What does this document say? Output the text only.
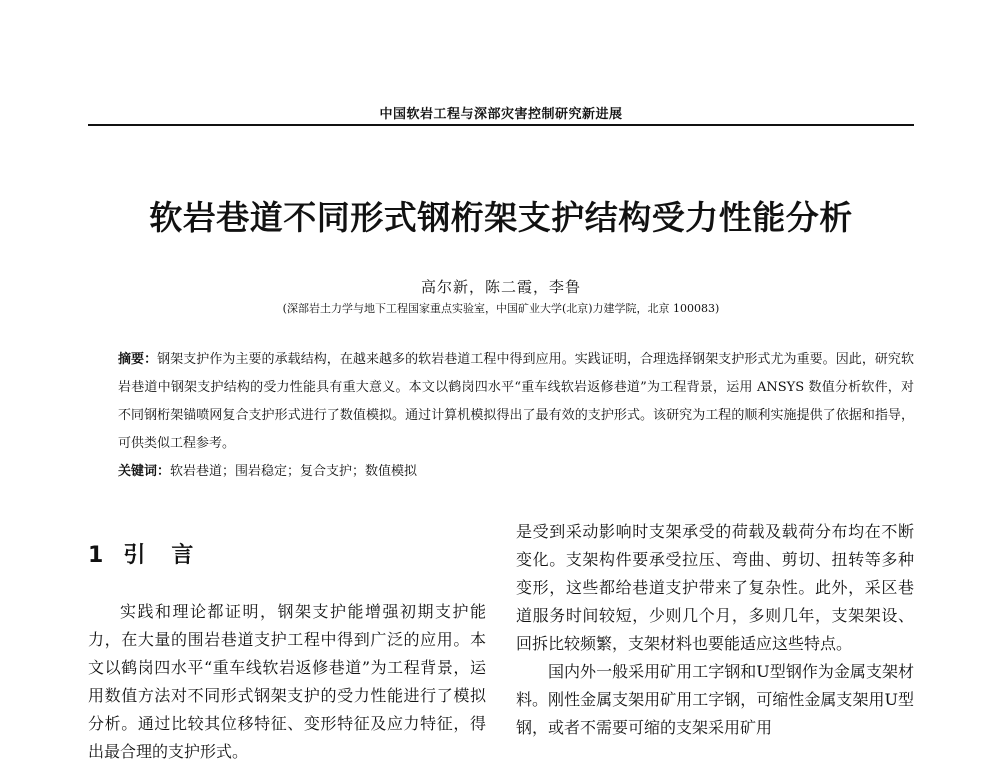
中国软岩工程与深部灾害控制研究新进展
软岩巷道不同形式钢桁架支护结构受力性能分析
高尔新，陈二霞，李鲁
(深部岩土力学与地下工程国家重点实验室，中国矿业大学(北京)力建学院，北京 100083)
摘要：钢架支护作为主要的承载结构，在越来越多的软岩巷道工程中得到应用。实践证明，合理选择钢架支护形式尤为重要。因此，研究软岩巷道中钢架支护结构的受力性能具有重大意义。本文以鹤岗四水平“重车线软岩返修巷道”为工程背景，运用 ANSYS 数值分析软件，对不同钢桁架锚喷网复合支护形式进行了数值模拟。通过计算机模拟得出了最有效的支护形式。该研究为工程的顺利实施提供了依据和指导，可供类似工程参考。
关键词：软岩巷道；围岩稳定；复合支护；数值模拟
1 引　言
实践和理论都证明，钢架支护能增强初期支护能力，在大量的围岩巷道支护工程中得到广泛的应用。本文以鹤岗四水平“重车线软岩返修巷道”为工程背景，运用数值方法对不同形式钢架支护的受力性能进行了模拟分析。通过比较其位移特征、变形特征及应力特征，得出最合理的支护形式。

是受到采动影响时支架承受的荷载及载荷分布均在不断变化。支架构件要承受拉压、弯曲、剪切、扭转等多种变形，这些都给巷道支护带来了复杂性。此外，采区巷道服务时间较短，少则几个月，多则几年，支架架设、回拆比较频繁，支架材料也要能适应这些特点。

国内外一般采用矿用工字钢和U型钢作为金属支架材料。刚性金属支架用矿用工字钢，可缩性金属支架用U型钢，或者不需要可缩的支架采用矿用
